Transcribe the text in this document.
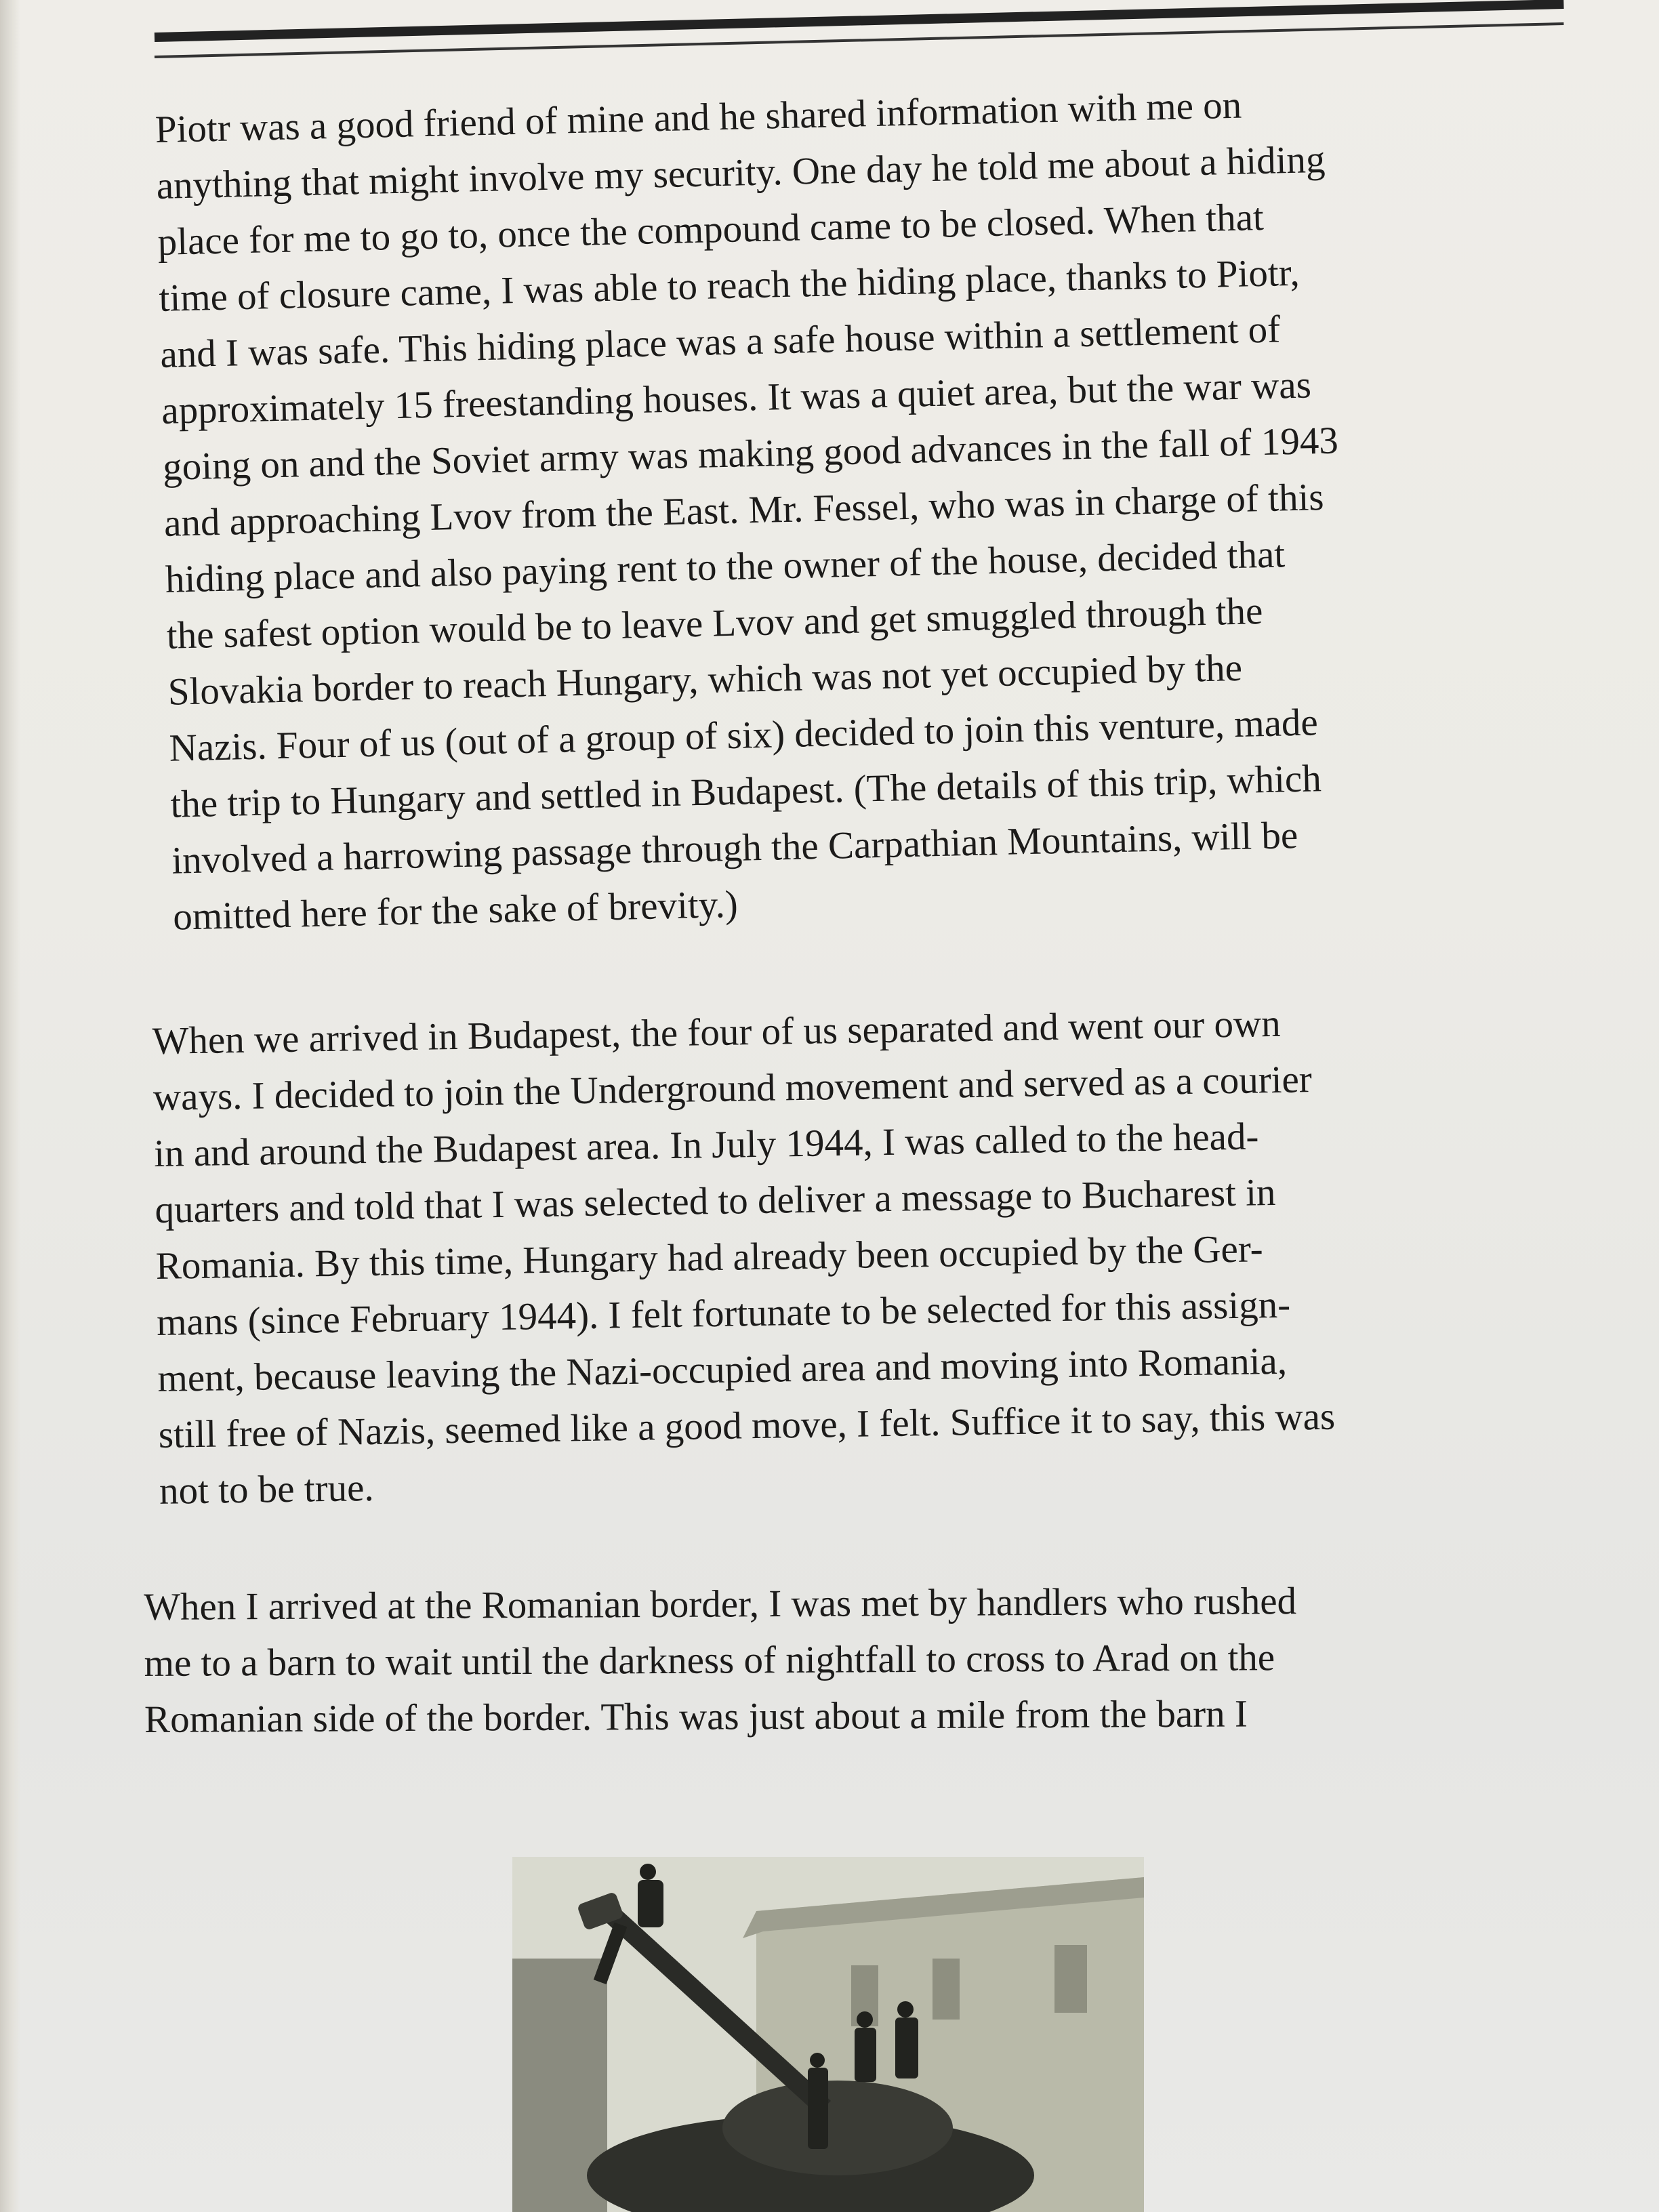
Piotr was a good friend of mine and he shared information with me on
anything that might involve my security. One day he told me about a hiding
place for me to go to, once the compound came to be closed. When that
time of closure came, I was able to reach the hiding place, thanks to Piotr,
and I was safe. This hiding place was a safe house within a settlement of
approximately 15 freestanding houses. It was a quiet area, but the war was
going on and the Soviet army was making good advances in the fall of 1943
and approaching Lvov from the East. Mr. Fessel, who was in charge of this
hiding place and also paying rent to the owner of the house, decided that
the safest option would be to leave Lvov and get smuggled through the
Slovakia border to reach Hungary, which was not yet occupied by the
Nazis. Four of us (out of a group of six) decided to join this venture, made
the trip to Hungary and settled in Budapest. (The details of this trip, which
involved a harrowing passage through the Carpathian Mountains, will be
omitted here for the sake of brevity.)
When we arrived in Budapest, the four of us separated and went our own
ways. I decided to join the Underground movement and served as a courier
in and around the Budapest area. In July 1944, I was called to the head-
quarters and told that I was selected to deliver a message to Bucharest in
Romania. By this time, Hungary had already been occupied by the Ger-
mans (since February 1944). I felt fortunate to be selected for this assign-
ment, because leaving the Nazi-occupied area and moving into Romania,
still free of Nazis, seemed like a good move, I felt. Suffice it to say, this was
not to be true.
When I arrived at the Romanian border, I was met by handlers who rushed
me to a barn to wait until the darkness of nightfall to cross to Arad on the
Romanian side of the border. This was just about a mile from the barn I
